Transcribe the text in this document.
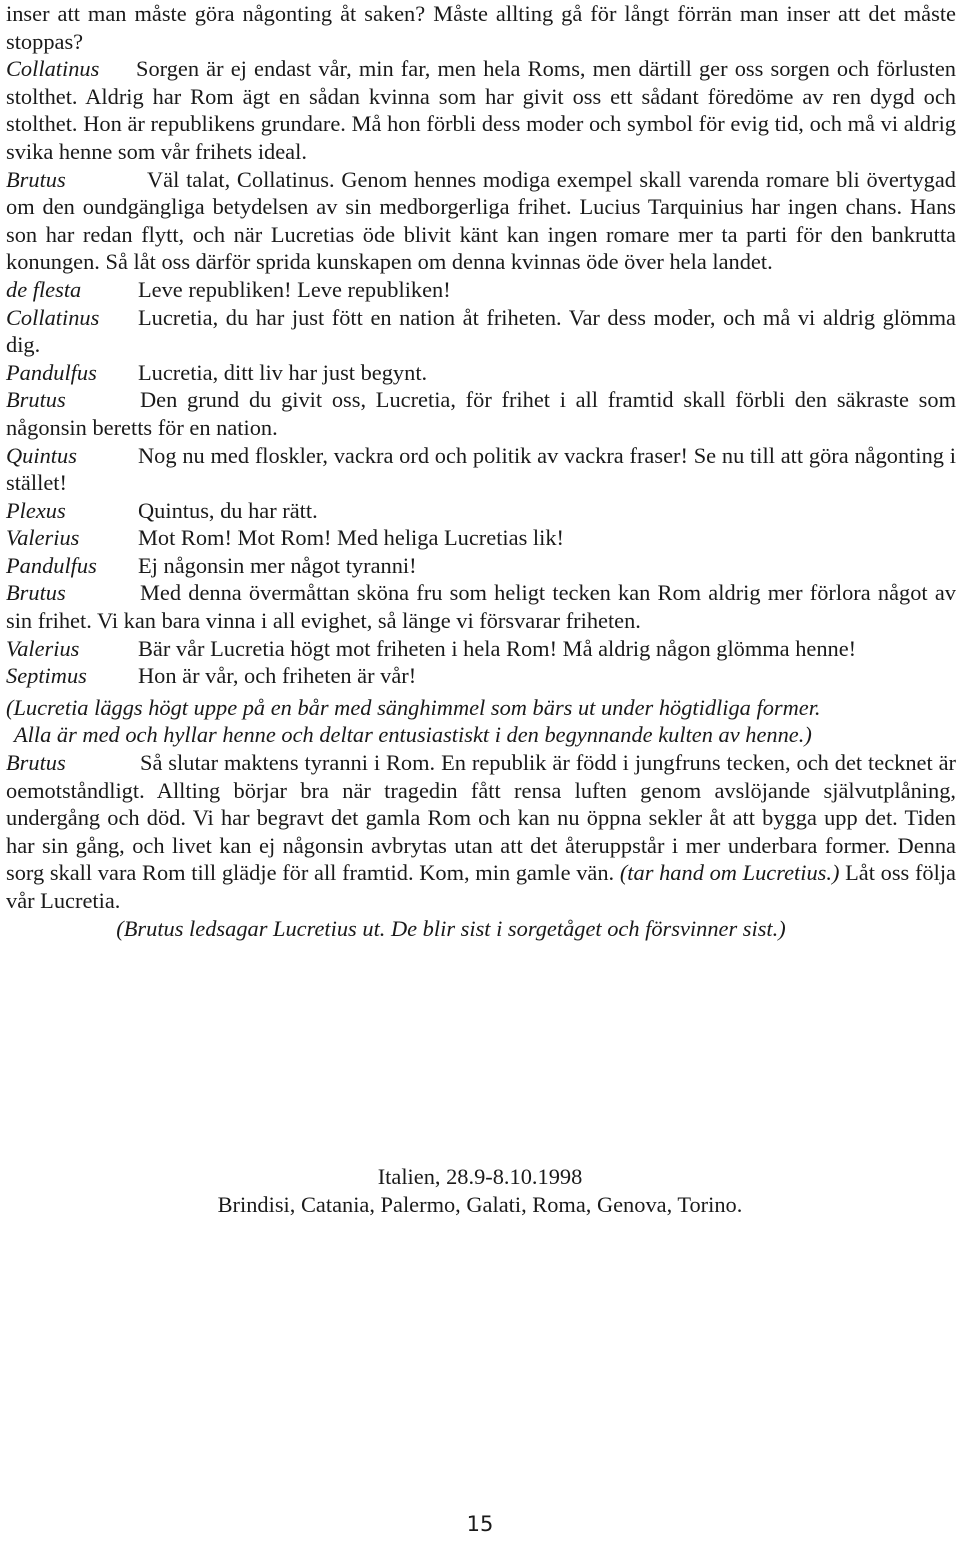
inser att man måste göra någonting åt saken? Måste allting gå för långt förrän man inser att det måste stoppas?

Collatinus Sorgen är ej endast vår, min far, men hela Roms, men därtill ger oss sorgen och förlusten stolthet. Aldrig har Rom ägt en sådan kvinna som har givit oss ett sådant föredöme av ren dygd och stolthet. Hon är republikens grundare. Må hon förbli dess moder och symbol för evig tid, och må vi aldrig svika henne som vår frihets ideal.

Brutus	Väl talat, Collatinus. Genom hennes modiga exempel skall varenda romare bli övertygad om den oundgängliga betydelsen av sin medborgerliga frihet. Lucius Tarquinius har ingen chans. Hans son har redan flytt, och när Lucretias öde blivit känt kan ingen romare mer ta parti för den bankrutta konungen. Så låt oss därför sprida kunskapen om denna kvinnas öde över hela landet.

de flesta	Leve republiken! Leve republiken!

Collatinus Lucretia, du har just fött en nation åt friheten. Var dess moder, och må vi aldrig glömma dig.

Pandulfus Lucretia, ditt liv har just begynt.

Brutus	Den grund du givit oss, Lucretia, för frihet i all framtid skall förbli den säkraste som någonsin beretts för en nation.

Quintus	Nog nu med floskler, vackra ord och politik av vackra fraser! Se nu till att göra någonting i stället!

Plexus	Quintus, du har rätt.

Valerius	Mot Rom! Mot Rom! Med heliga Lucretias lik!

Pandulfus Ej någonsin mer något tyranni!

Brutus	Med denna övermåttan sköna fru som heligt tecken kan Rom aldrig mer förlora något av sin frihet. Vi kan bara vinna i all evighet, så länge vi försvarar friheten.

Valerius	Bär vår Lucretia högt mot friheten i hela Rom! Må aldrig någon glömma henne!

Septimus Hon är vår, och friheten är vår!

(Lucretia läggs högt uppe på en bår med sänghimmel som bärs ut under högtidliga former.

Alla är med och hyllar henne och deltar entusiastiskt i den begynnande kulten av henne.)

Brutus	Så slutar maktens tyranni i Rom. En republik är född i jungfruns tecken, och det tecknet är oemotståndligt. Allting börjar bra när tragedin fått rensa luften genom avslöjande självutplåning, undergång och död. Vi har begravt det gamla Rom och kan nu öppna sekler åt att bygga upp det. Tiden har sin gång, och livet kan ej någonsin avbrytas utan att det återuppstår i mer underbara former. Denna sorg skall vara Rom till glädje för all framtid. Kom, min gamle vän. (tar hand om Lucretius.) Låt oss följa vår Lucretia.

(Brutus ledsagar Lucretius ut. De blir sist i sorgetåget och försvinner sist.)

Italien, 28.9-8.10.1998

Brindisi, Catania, Palermo, Galati, Roma, Genova, Torino.

15
